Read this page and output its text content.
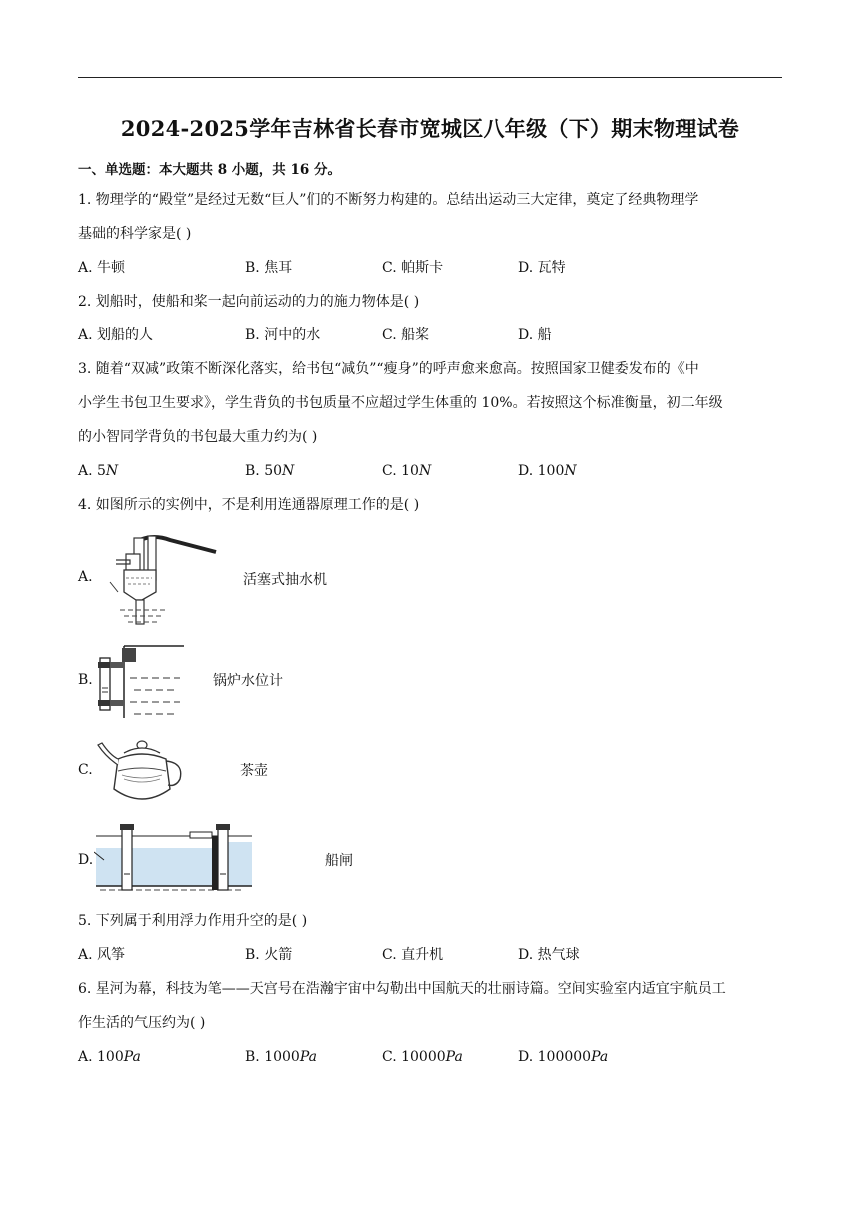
2024-2025学年吉林省长春市宽城区八年级（下）期末物理试卷
一、单选题：本大题共 8 小题，共 16 分。
1. 物理学的“殿堂”是经过无数“巨人”们的不断努力构建的。总结出运动三大定律，奠定了经典物理学
基础的科学家是( )
A. 牛顿	B. 焦耳	C. 帕斯卡	D. 瓦特
2. 划船时，使船和桨一起向前运动的力的施力物体是( )
A. 划船的人	B. 河中的水	C. 船桨	D. 船
3. 随着“双减”政策不断深化落实，给书包“减负”“瘦身”的呼声愈来愈高。按照国家卫健委发布的《中
小学生书包卫生要求》，学生背负的书包质量不应超过学生体重的 10%。若按照这个标准衡量，初二年级
的小智同学背负的书包最大重力约为( )
A. 5N	B. 50N	C. 10N	D. 100N
4. 如图所示的实例中，不是利用连通器原理工作的是( )
A.	活塞式抽水机
B.	锅炉水位计
C.	茶壶
D.	船闸
5. 下列属于利用浮力作用升空的是( )
A. 风筝	B. 火箭	C. 直升机	D. 热气球
6. 星河为幕，科技为笔——天宫号在浩瀚宇宙中勾勒出中国航天的壮丽诗篇。空间实验室内适宜宇航员工
作生活的气压约为( )
A. 100Pa	B. 1000Pa	C. 10000Pa	D. 100000Pa
